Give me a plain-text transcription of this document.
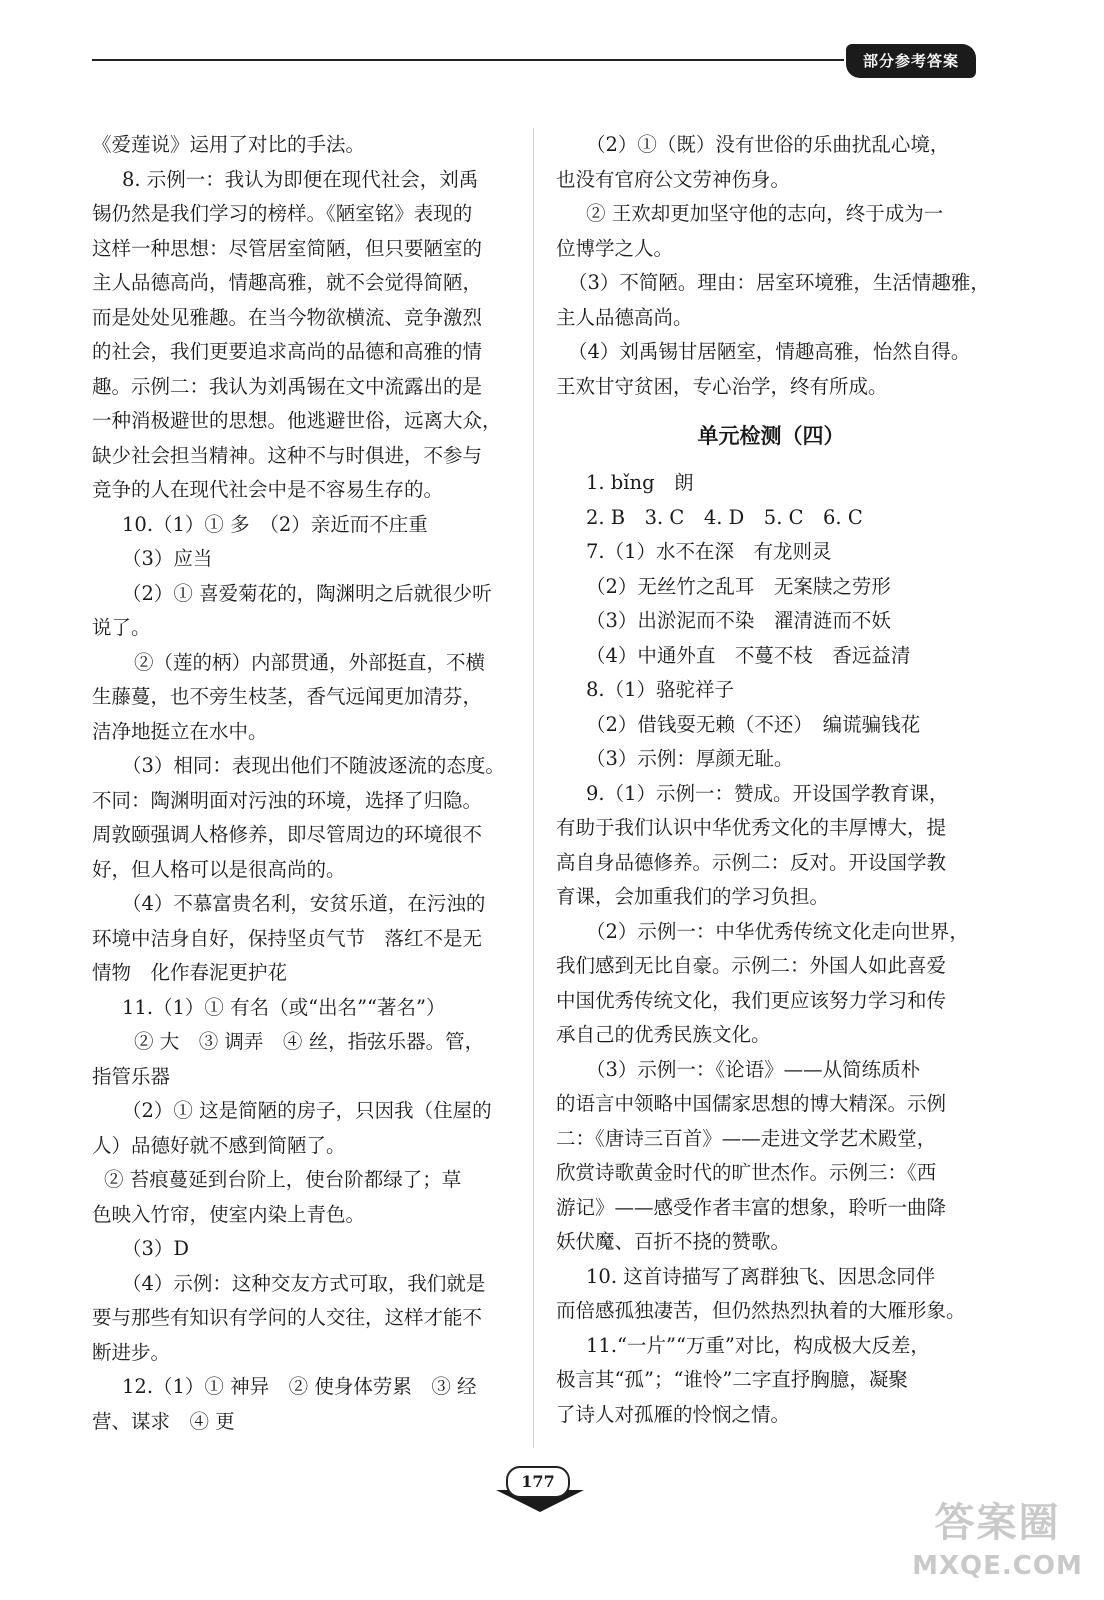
部分参考答案
《爱莲说》运用了对比的手法。
8. 示例一：我认为即便在现代社会，刘禹
锡仍然是我们学习的榜样。《陋室铭》表现的
这样一种思想：尽管居室简陋，但只要陋室的
主人品德高尚，情趣高雅，就不会觉得简陋，
而是处处见雅趣。在当今物欲横流、竞争激烈
的社会，我们更要追求高尚的品德和高雅的情
趣。示例二：我认为刘禹锡在文中流露出的是
一种消极避世的思想。他逃避世俗，远离大众，
缺少社会担当精神。这种不与时俱进，不参与
竞争的人在现代社会中是不容易生存的。
10.（1）① 多　（2）亲近而不庄重
（3）应当
（2）① 喜爱菊花的，陶渊明之后就很少听
说了。
②（莲的柄）内部贯通，外部挺直，不横
生藤蔓，也不旁生枝茎，香气远闻更加清芬，
洁净地挺立在水中。
（3）相同：表现出他们不随波逐流的态度。
不同：陶渊明面对污浊的环境，选择了归隐。
周敦颐强调人格修养，即尽管周边的环境很不
好，但人格可以是很高尚的。
（4）不慕富贵名利，安贫乐道，在污浊的
环境中洁身自好，保持坚贞气节　落红不是无
情物　化作春泥更护花
11.（1）① 有名（或“出名”“著名”）
② 大　③ 调弄　④ 丝，指弦乐器。管，
指管乐器
（2）① 这是简陋的房子，只因我（住屋的
人）品德好就不感到简陋了。
② 苔痕蔓延到台阶上，使台阶都绿了；草
色映入竹帘，使室内染上青色。
（3）D
（4）示例：这种交友方式可取，我们就是
要与那些有知识有学问的人交往，这样才能不
断进步。
12.（1）① 神异　② 使身体劳累　③ 经
营、谋求　④ 更
（2）①（既）没有世俗的乐曲扰乱心境，
也没有官府公文劳神伤身。
② 王欢却更加坚守他的志向，终于成为一
位博学之人。
（3）不简陋。理由：居室环境雅，生活情趣雅，
主人品德高尚。
（4）刘禹锡甘居陋室，情趣高雅，怡然自得。
王欢甘守贫困，专心治学，终有所成。
单元检测（四）
1. bǐng　朗
2. B　3. C　4. D　5. C　6. C
7.（1）水不在深　有龙则灵
（2）无丝竹之乱耳　无案牍之劳形
（3）出淤泥而不染　濯清涟而不妖
（4）中通外直　不蔓不枝　香远益清
8.（1）骆驼祥子
（2）借钱耍无赖（不还）　编谎骗钱花
（3）示例：厚颜无耻。
9.（1）示例一：赞成。开设国学教育课，
有助于我们认识中华优秀文化的丰厚博大，提
高自身品德修养。示例二：反对。开设国学教
育课，会加重我们的学习负担。
（2）示例一：中华优秀传统文化走向世界，
我们感到无比自豪。示例二：外国人如此喜爱
中国优秀传统文化，我们更应该努力学习和传
承自己的优秀民族文化。
（3）示例一：《论语》——从简练质朴
的语言中领略中国儒家思想的博大精深。示例
二：《唐诗三百首》——走进文学艺术殿堂，
欣赏诗歌黄金时代的旷世杰作。示例三：《西
游记》——感受作者丰富的想象，聆听一曲降
妖伏魔、百折不挠的赞歌。
10. 这首诗描写了离群独飞、因思念同伴
而倍感孤独凄苦，但仍然热烈执着的大雁形象。
11.“一片”“万重”对比，构成极大反差，
极言其“孤”；“谁怜”二字直抒胸臆，凝聚
了诗人对孤雁的怜悯之情。
177
答案圈
MXQE.COM
